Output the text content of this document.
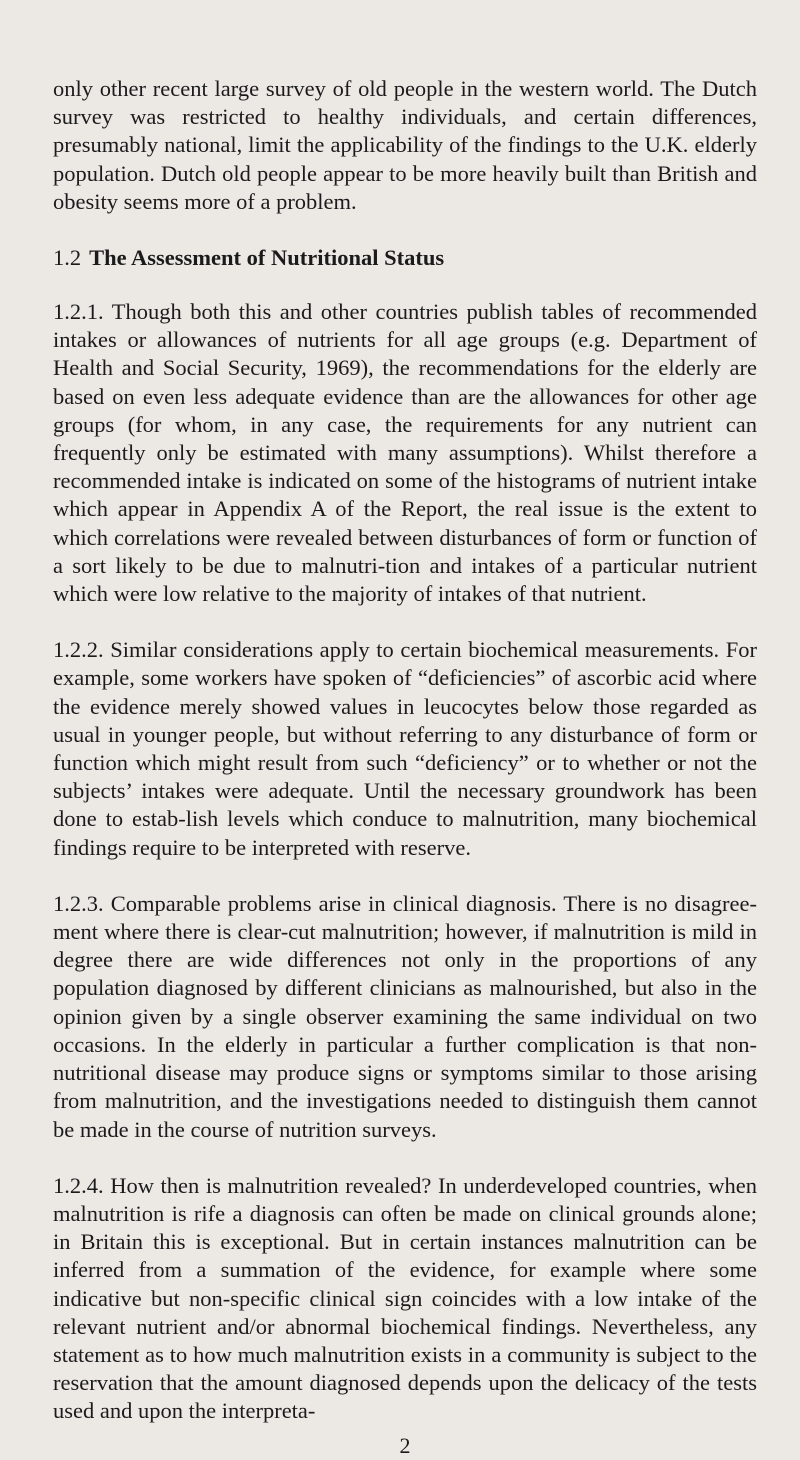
only other recent large survey of old people in the western world. The Dutch survey was restricted to healthy individuals, and certain differences, presumably national, limit the applicability of the findings to the U.K. elderly population. Dutch old people appear to be more heavily built than British and obesity seems more of a problem.

1.2 The Assessment of Nutritional Status

1.2.1. Though both this and other countries publish tables of recommended intakes or allowances of nutrients for all age groups (e.g. Department of Health and Social Security, 1969), the recommendations for the elderly are based on even less adequate evidence than are the allowances for other age groups (for whom, in any case, the requirements for any nutrient can frequently only be estimated with many assumptions). Whilst therefore a recommended intake is indicated on some of the histograms of nutrient intake which appear in Appendix A of the Report, the real issue is the extent to which correlations were revealed between disturbances of form or function of a sort likely to be due to malnutri-tion and intakes of a particular nutrient which were low relative to the majority of intakes of that nutrient.

1.2.2. Similar considerations apply to certain biochemical measurements. For example, some workers have spoken of “deficiencies” of ascorbic acid where the evidence merely showed values in leucocytes below those regarded as usual in younger people, but without referring to any disturbance of form or function which might result from such “deficiency” or to whether or not the subjects’ intakes were adequate. Until the necessary groundwork has been done to estab-lish levels which conduce to malnutrition, many biochemical findings require to be interpreted with reserve.

1.2.3. Comparable problems arise in clinical diagnosis. There is no disagree-ment where there is clear-cut malnutrition; however, if malnutrition is mild in degree there are wide differences not only in the proportions of any population diagnosed by different clinicians as malnourished, but also in the opinion given by a single observer examining the same individual on two occasions. In the elderly in particular a further complication is that non-nutritional disease may produce signs or symptoms similar to those arising from malnutrition, and the investigations needed to distinguish them cannot be made in the course of nutrition surveys.

1.2.4. How then is malnutrition revealed? In underdeveloped countries, when malnutrition is rife a diagnosis can often be made on clinical grounds alone; in Britain this is exceptional. But in certain instances malnutrition can be inferred from a summation of the evidence, for example where some indicative but non-specific clinical sign coincides with a low intake of the relevant nutrient and/or abnormal biochemical findings. Nevertheless, any statement as to how much malnutrition exists in a community is subject to the reservation that the amount diagnosed depends upon the delicacy of the tests used and upon the interpreta-

2
